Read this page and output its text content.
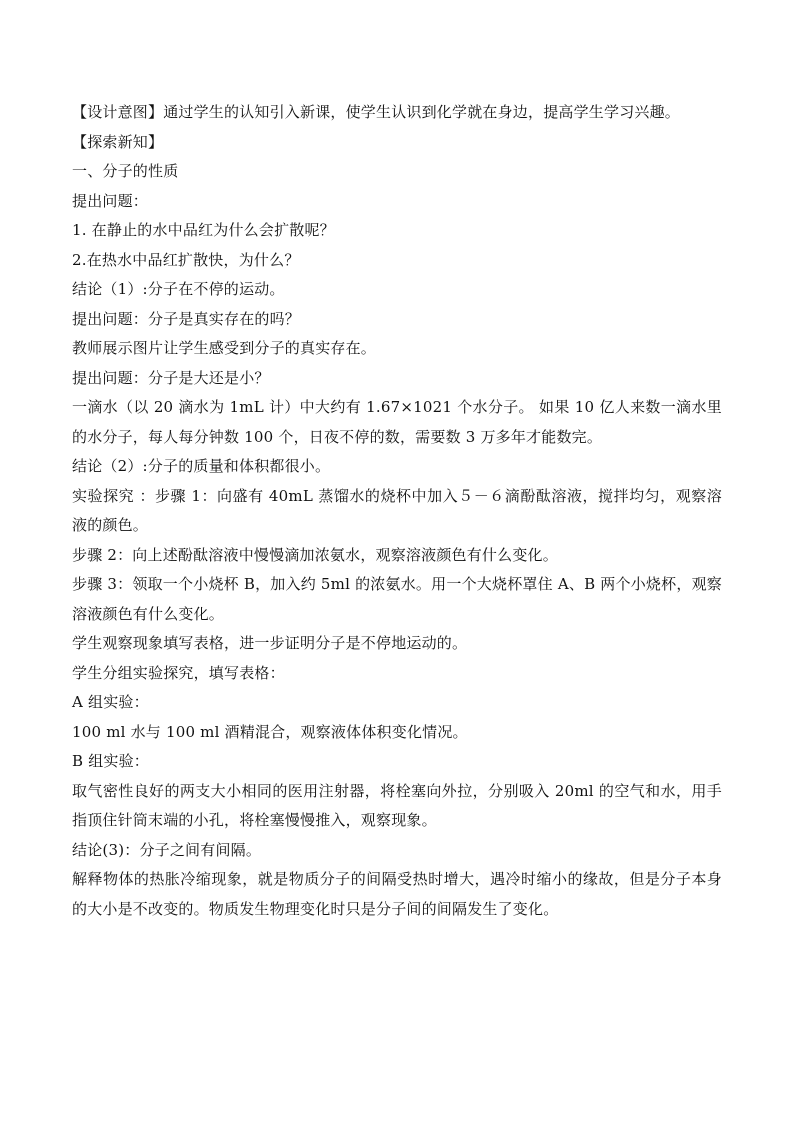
【设计意图】通过学生的认知引入新课，使学生认识到化学就在身边，提高学生学习兴趣。
【探索新知】
一、分子的性质
提出问题：
1. 在静止的水中品红为什么会扩散呢？
2.在热水中品红扩散快，为什么？
结论（1）:分子在不停的运动。
提出问题：分子是真实存在的吗？
教师展示图片让学生感受到分子的真实存在。
提出问题：分子是大还是小？
一滴水（以 20 滴水为 1mL 计）中大约有 1.67×1021 个水分子。 如果 10 亿人来数一滴水里的水分子，每人每分钟数 100 个，日夜不停的数，需要数 3 万多年才能数完。
结论（2）:分子的质量和体积都很小。
实验探究 ：步骤 1：向盛有 40mL 蒸馏水的烧杯中加入５－６滴酚酞溶液，搅拌均匀，观察溶液的颜色。
步骤 2：向上述酚酞溶液中慢慢滴加浓氨水，观察溶液颜色有什么变化。
步骤 3：领取一个小烧杯 B，加入约 5ml 的浓氨水。用一个大烧杯罩住 A、B 两个小烧杯，观察溶液颜色有什么变化。
学生观察现象填写表格，进一步证明分子是不停地运动的。
学生分组实验探究，填写表格：
A 组实验：
100 ml 水与 100 ml 酒精混合，观察液体体积变化情况。
B 组实验：
取气密性良好的两支大小相同的医用注射器，将栓塞向外拉，分别吸入 20ml 的空气和水，用手指顶住针筒末端的小孔，将栓塞慢慢推入，观察现象。
结论(3)：分子之间有间隔。
解释物体的热胀冷缩现象，就是物质分子的间隔受热时增大，遇冷时缩小的缘故，但是分子本身的大小是不改变的。物质发生物理变化时只是分子间的间隔发生了变化。
